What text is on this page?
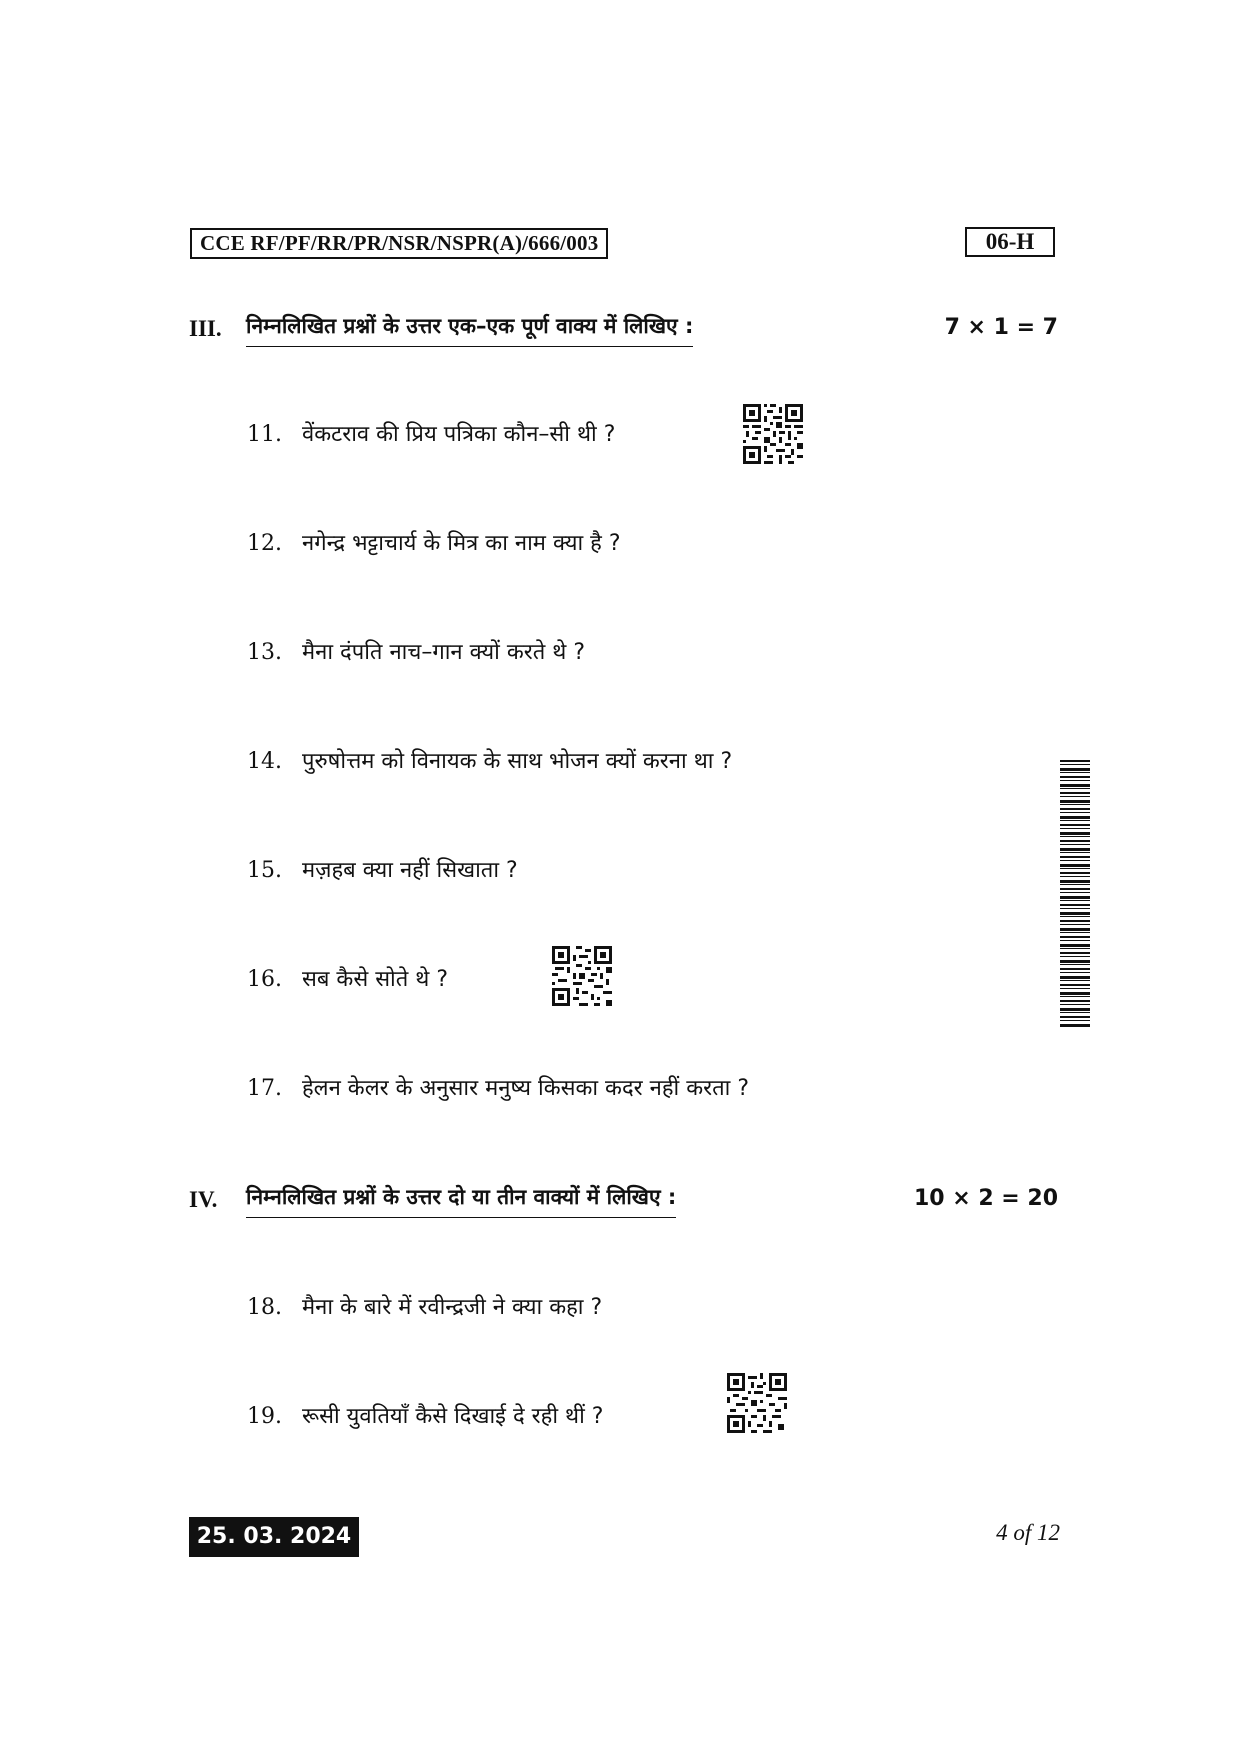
CCE RF/PF/RR/PR/NSR/NSPR(A)/666/003	06-H
III. निम्नलिखित प्रश्नों के उत्तर एक–एक पूर्ण वाक्य में लिखिए :	7 × 1 = 7
11. वेंकटराव की प्रिय पत्रिका कौन–सी थी ?
12. नगेन्द्र भट्टाचार्य के मित्र का नाम क्या है ?
13. मैना दंपति नाच–गान क्यों करते थे ?
14. पुरुषोत्तम को विनायक के साथ भोजन क्यों करना था ?
15. मज़हब क्या नहीं सिखाता ?
16. सब कैसे सोते थे ?
17. हेलन केलर के अनुसार मनुष्य किसका कदर नहीं करता ?
IV. निम्नलिखित प्रश्नों के उत्तर दो या तीन वाक्यों में लिखिए :	10 × 2 = 20
18. मैना के बारे में रवीन्द्रजी ने क्या कहा ?
19. रूसी युवतियाँ कैसे दिखाई दे रही थीं ?
25. 03. 2024	4 of 12
